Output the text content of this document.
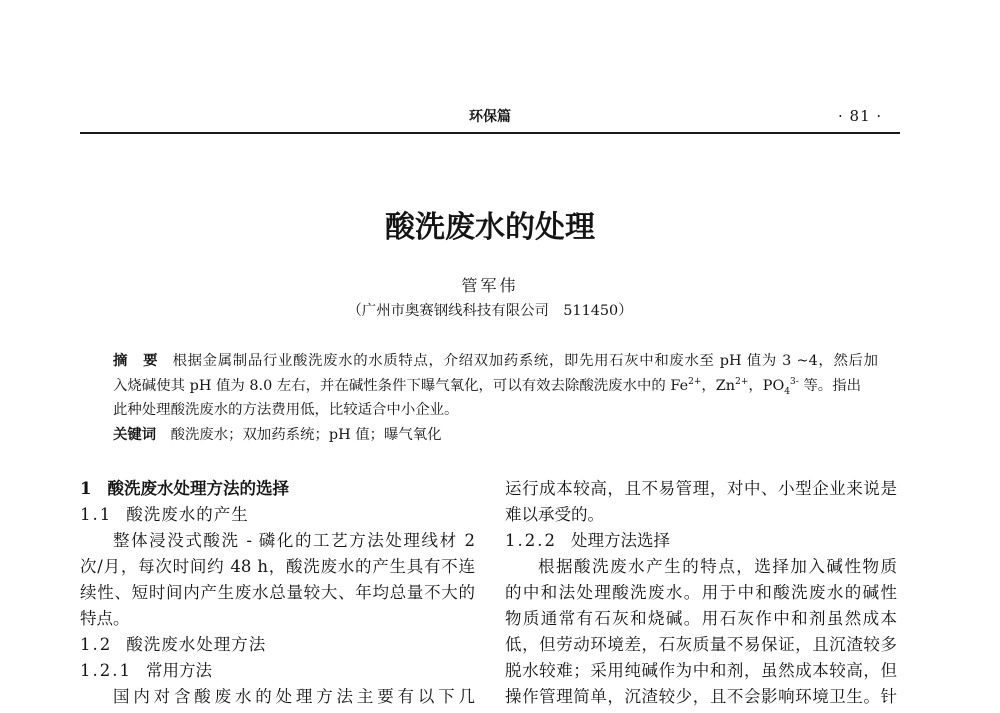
环保篇	· 81 ·
酸洗废水的处理
管军伟
（广州市奥赛钢线科技有限公司　511450）
摘　要 根据金属制品行业酸洗废水的水质特点，介绍双加药系统，即先用石灰中和废水至 pH 值为 3 ~4，然后加
入烧碱使其 pH 值为 8.0 左右，并在碱性条件下曝气氧化，可以有效去除酸洗废水中的 $Fe^{2+}$，$Zn^{2+}$，$PO_4^{3-}$ 等。指出
此种处理酸洗废水的方法费用低，比较适合中小企业。
关键词 酸洗废水；双加药系统；pH 值；曝气氧化
1 酸洗废水处理方法的选择
1.1 酸洗废水的产生
整体浸没式酸洗 - 磷化的工艺方法处理线材 2
次/月，每次时间约 48 h，酸洗废水的产生具有不连
续性、短时间内产生废水总量较大、年均总量不大的
特点。
1.2 酸洗废水处理方法
1.2.1 常用方法
国内对含酸废水的处理方法主要有以下几
运行成本较高，且不易管理，对中、小型企业来说是
难以承受的。
1.2.2 处理方法选择
根据酸洗废水产生的特点，选择加入碱性物质
的中和法处理酸洗废水。用于中和酸洗废水的碱性
物质通常有石灰和烧碱。用石灰作中和剂虽然成本
低，但劳动环境差，石灰质量不易保证，且沉渣较多
脱水较难；采用纯碱作为中和剂，虽然成本较高，但
操作管理简单，沉渣较少，且不会影响环境卫生。针
